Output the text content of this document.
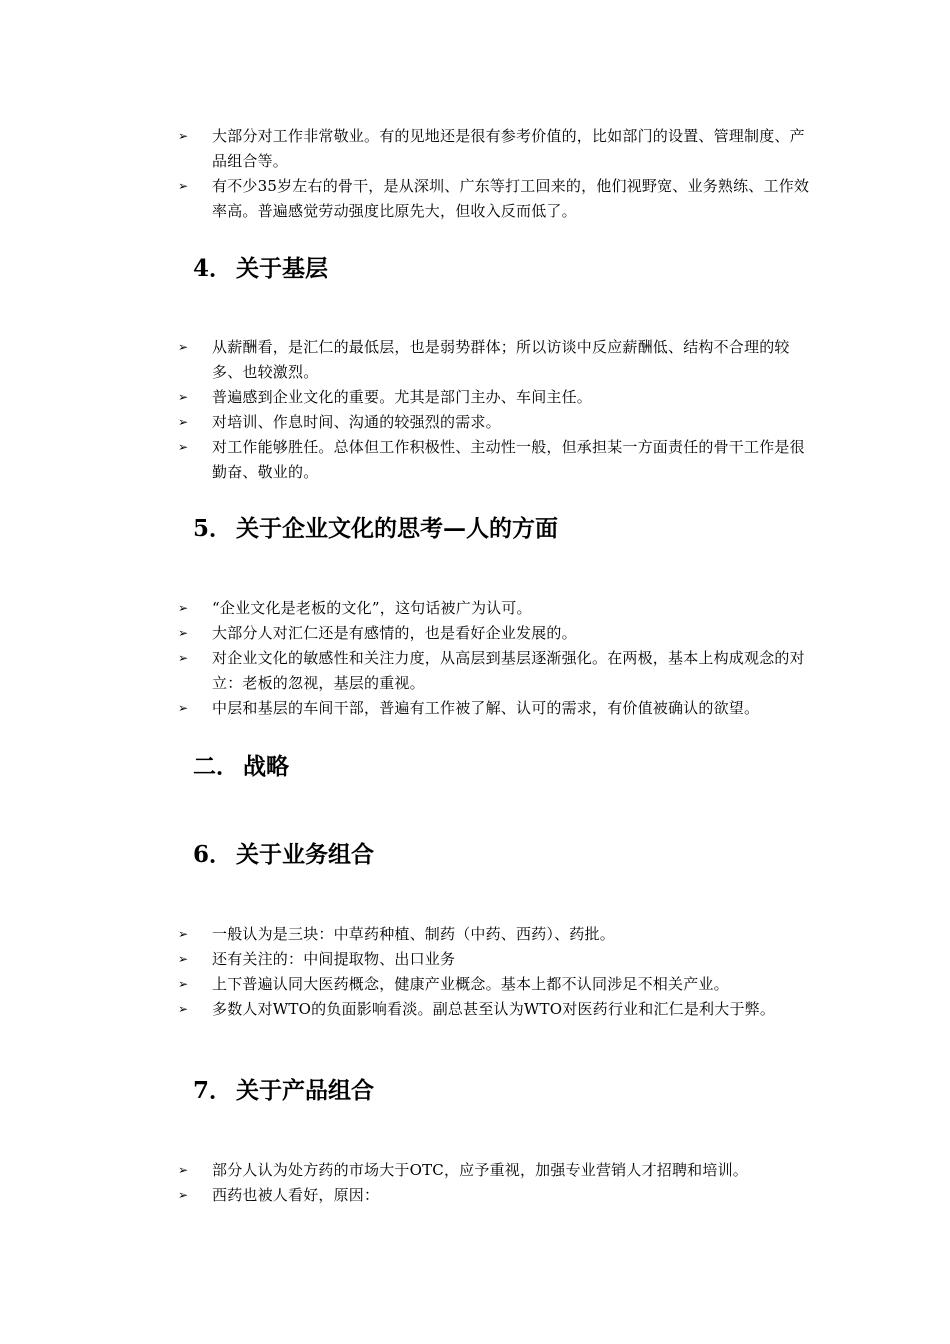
➢	大部分对工作非常敬业。有的见地还是很有参考价值的，比如部门的设置、管理制度、产品组合等。
➢	有不少35岁左右的骨干，是从深圳、广东等打工回来的，他们视野宽、业务熟练、工作效率高。普遍感觉劳动强度比原先大，但收入反而低了。
4． 关于基层
➢	从薪酬看，是汇仁的最低层，也是弱势群体；所以访谈中反应薪酬低、结构不合理的较多、也较激烈。
➢	普遍感到企业文化的重要。尤其是部门主办、车间主任。
➢	对培训、作息时间、沟通的较强烈的需求。
➢	对工作能够胜任。总体但工作积极性、主动性一般，但承担某一方面责任的骨干工作是很勤奋、敬业的。
5． 关于企业文化的思考—人的方面
➢	“企业文化是老板的文化”，这句话被广为认可。
➢	大部分人对汇仁还是有感情的，也是看好企业发展的。
➢	对企业文化的敏感性和关注力度，从高层到基层逐渐强化。在两极，基本上构成观念的对立：老板的忽视，基层的重视。
➢	中层和基层的车间干部，普遍有工作被了解、认可的需求，有价值被确认的欲望。
二． 战略
6． 关于业务组合
➢	一般认为是三块：中草药种植、制药（中药、西药）、药批。
➢	还有关注的：中间提取物、出口业务
➢	上下普遍认同大医药概念，健康产业概念。基本上都不认同涉足不相关产业。
➢	多数人对WTO的负面影响看淡。副总甚至认为WTO对医药行业和汇仁是利大于弊。
7． 关于产品组合
➢	部分人认为处方药的市场大于OTC，应予重视，加强专业营销人才招聘和培训。
➢	西药也被人看好，原因：
